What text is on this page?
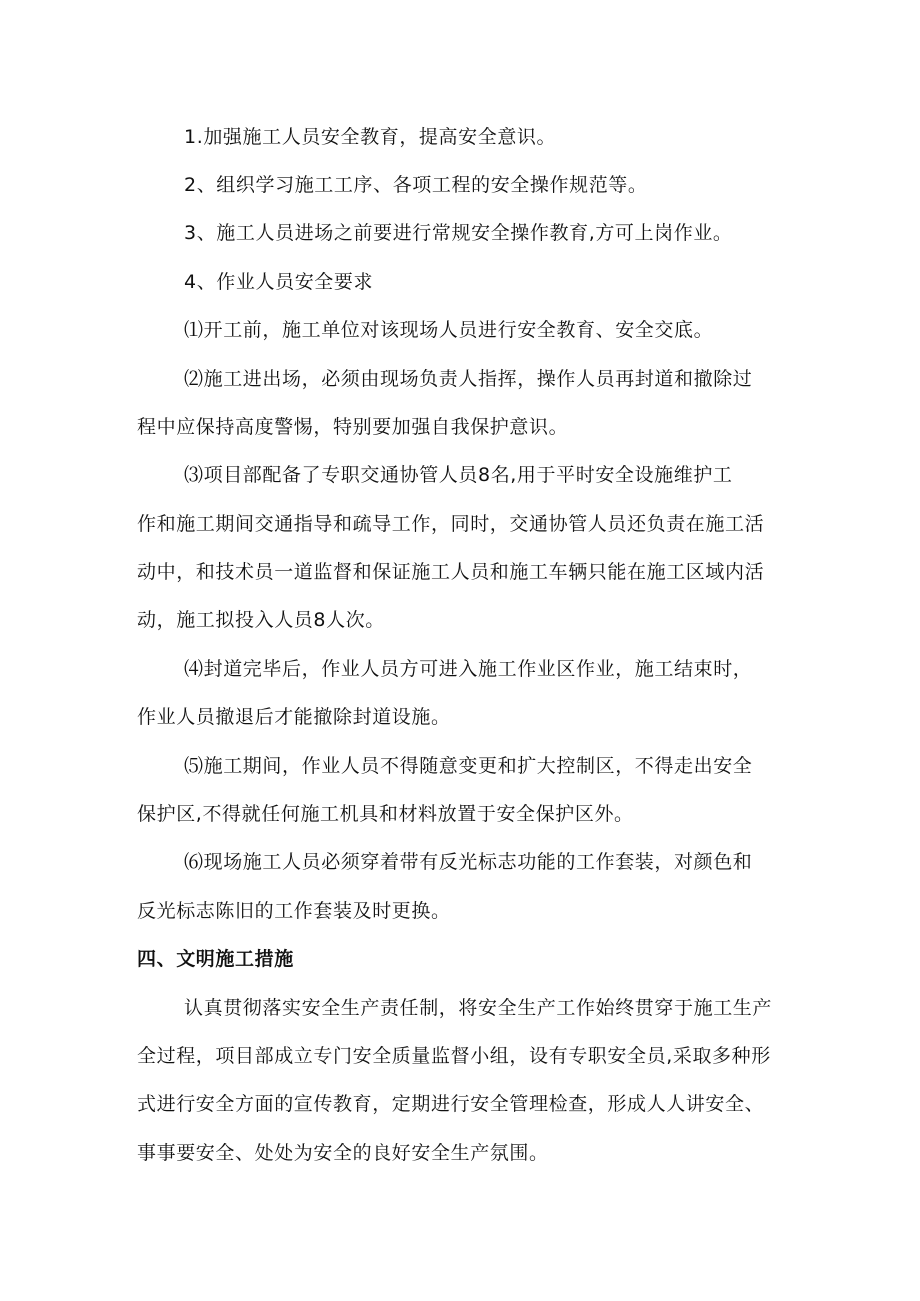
1.加强施工人员安全教育，提高安全意识。
2、组织学习施工工序、各项工程的安全操作规范等。
3、施工人员进场之前要进行常规安全操作教育,方可上岗作业。
4、作业人员安全要求
⑴开工前，施工单位对该现场人员进行安全教育、安全交底。
⑵施工进出场，必须由现场负责人指挥，操作人员再封道和撤除过
程中应保持高度警惕，特别要加强自我保护意识。
⑶项目部配备了专职交通协管人员8名,用于平时安全设施维护工
作和施工期间交通指导和疏导工作，同时，交通协管人员还负责在施工活
动中，和技术员一道监督和保证施工人员和施工车辆只能在施工区域内活
动，施工拟投入人员8人次。
⑷封道完毕后，作业人员方可进入施工作业区作业，施工结束时，
作业人员撤退后才能撤除封道设施。
⑸施工期间，作业人员不得随意变更和扩大控制区，不得走出安全
保护区,不得就任何施工机具和材料放置于安全保护区外。
⑹现场施工人员必须穿着带有反光标志功能的工作套装，对颜色和
反光标志陈旧的工作套装及时更换。
四、文明施工措施
认真贯彻落实安全生产责任制，将安全生产工作始终贯穿于施工生产
全过程，项目部成立专门安全质量监督小组，设有专职安全员,采取多种形
式进行安全方面的宣传教育，定期进行安全管理检查，形成人人讲安全、
事事要安全、处处为安全的良好安全生产氛围。
